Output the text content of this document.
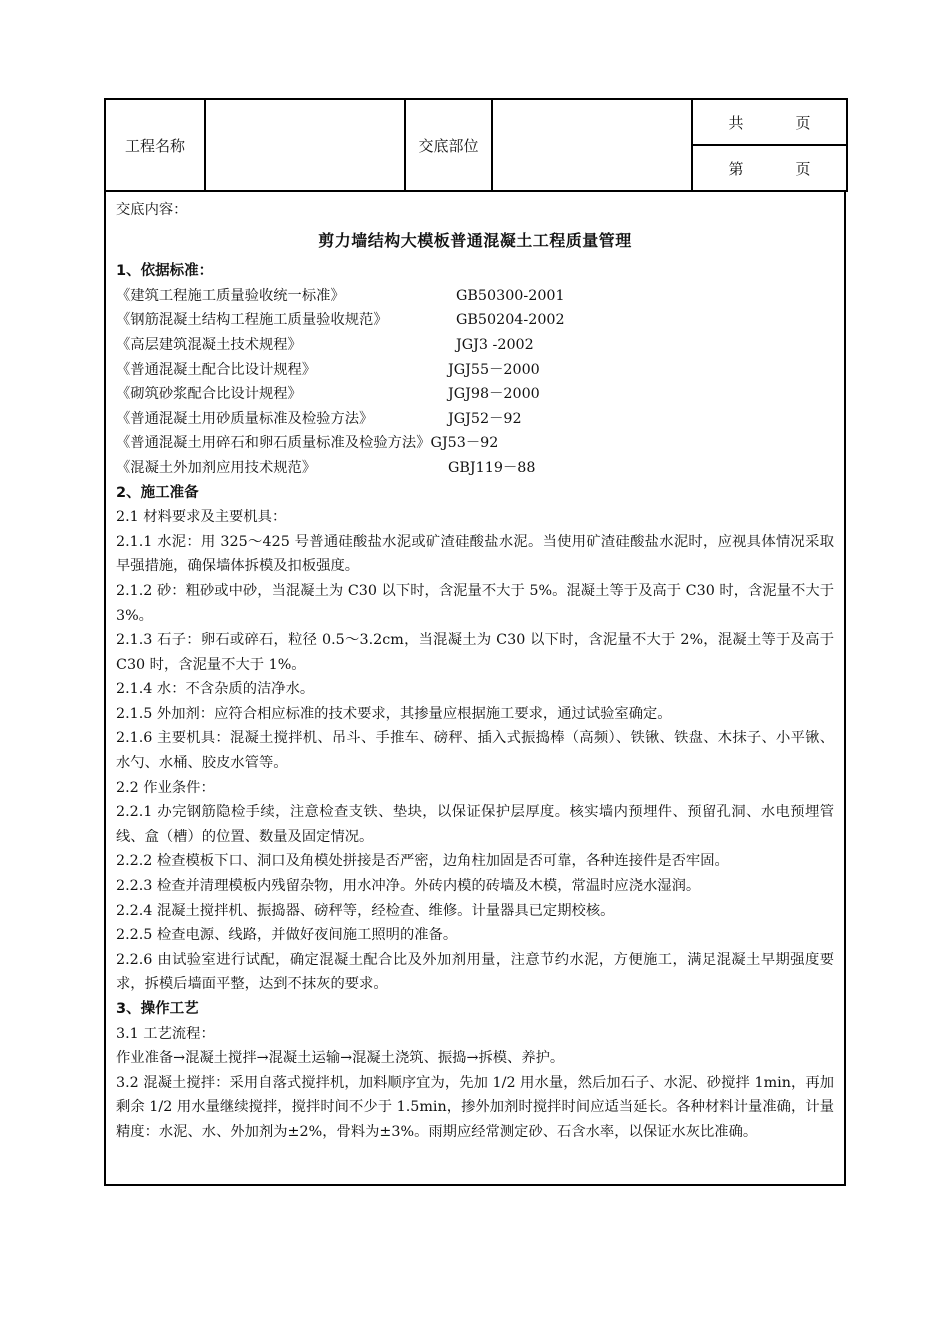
工程名称		交底部位		共	页
第	页

交底内容：

剪力墙结构大模板普通混凝土工程质量管理

1、依据标准：

《建筑工程施工质量验收统一标准》	GB50300-2001
《钢筋混凝土结构工程施工质量验收规范》	GB50204-2002
《高层建筑混凝土技术规程》	JGJ3 -2002
《普通混凝土配合比设计规程》	JGJ55－2000
《砌筑砂浆配合比设计规程》	JGJ98－2000
《普通混凝土用砂质量标准及检验方法》	JGJ52－92
《普通混凝土用碎石和卵石质量标准及检验方法》 GJ53－92
《混凝土外加剂应用技术规范》	GBJ119－88

2、施工准备

2.1 材料要求及主要机具：

2.1.1 水泥：用 325～425 号普通硅酸盐水泥或矿渣硅酸盐水泥。当使用矿渣硅酸盐水泥时，应视具体情况采取早强措施，确保墙体拆模及扣板强度。

2.1.2 砂：粗砂或中砂，当混凝土为 C30 以下时，含泥量不大于 5%。混凝土等于及高于 C30 时，含泥量不大于 3%。

2.1.3 石子：卵石或碎石，粒径 0.5～3.2cm，当混凝土为 C30 以下时，含泥量不大于 2%，混凝土等于及高于 C30 时，含泥量不大于 1%。

2.1.4 水：不含杂质的洁净水。

2.1.5 外加剂：应符合相应标准的技术要求，其掺量应根据施工要求，通过试验室确定。

2.1.6 主要机具：混凝土搅拌机、吊斗、手推车、磅秤、插入式振捣棒（高频）、铁锹、铁盘、木抹子、小平锹、水勺、水桶、胶皮水管等。

2.2 作业条件：

2.2.1 办完钢筋隐检手续，注意检查支铁、垫块，以保证保护层厚度。核实墙内预埋件、预留孔洞、水电预埋管线、盒（槽）的位置、数量及固定情况。

2.2.2 检查模板下口、洞口及角模处拼接是否严密，边角柱加固是否可靠，各种连接件是否牢固。

2.2.3 检查并清理模板内残留杂物，用水冲净。外砖内模的砖墙及木模，常温时应浇水湿润。

2.2.4 混凝土搅拌机、振捣器、磅秤等，经检查、维修。计量器具已定期校核。

2.2.5 检查电源、线路，并做好夜间施工照明的准备。

2.2.6 由试验室进行试配，确定混凝土配合比及外加剂用量，注意节约水泥，方便施工，满足混凝土早期强度要求，拆模后墙面平整，达到不抹灰的要求。

3、操作工艺

3.1 工艺流程：

作业准备→混凝土搅拌→混凝土运输→混凝土浇筑、振捣→拆模、养护。

3.2 混凝土搅拌：采用自落式搅拌机，加料顺序宜为，先加 1/2 用水量，然后加石子、水泥、砂搅拌 1min，再加剩余 1/2 用水量继续搅拌，搅拌时间不少于 1.5min，掺外加剂时搅拌时间应适当延长。各种材料计量准确，计量精度：水泥、水、外加剂为±2%，骨料为±3%。雨期应经常测定砂、石含水率，以保证水灰比准确。
